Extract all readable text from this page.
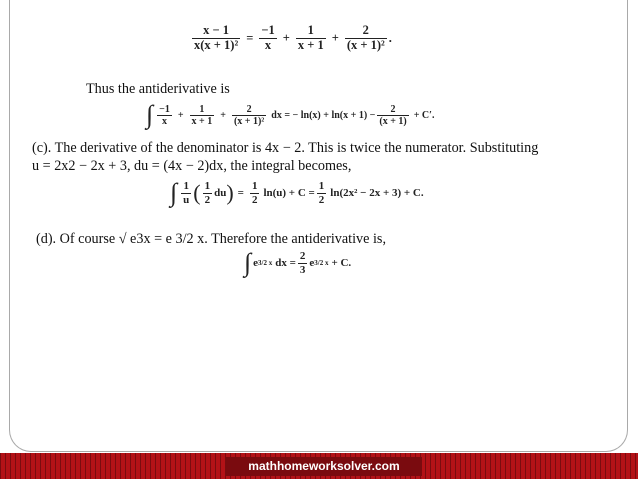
$\frac{x - 1}{\text{x(x + 1)²}} = \frac{-1}{x} + \frac{1}{x + 1} + \frac{2}{\text{(x + 1)²}}$ .
Thus the antiderivative is
∫ $\frac{-1}{x} + \frac{1}{x + 1} + \frac{2}{\text{(x + 1)²}}$ dx = − $\ln(x) + \ln(x + 1) - \frac{2}{(x + 1)} + C'$.
(c). The derivative of the denominator is 4x − 2. This is twice the numerator. Substituting
u = 2x2 − 2x + 3, du = (4x − 2)dx, the integral becomes,
∫ $\frac{1}{u}$ ( $\frac{1}{2}$ du ) = $\frac{1}{2} \ln(u) + C = \frac{1}{2} \ln(2x^2 - 2x + 3) + C$.
(d). Of course √ e3x = e 3/2 x. Therefore the antiderivative is,
∫ e 3/2 x dx = $\frac{2}{3}$ e 3/2 x + C.
mathhomeworksolver.com
